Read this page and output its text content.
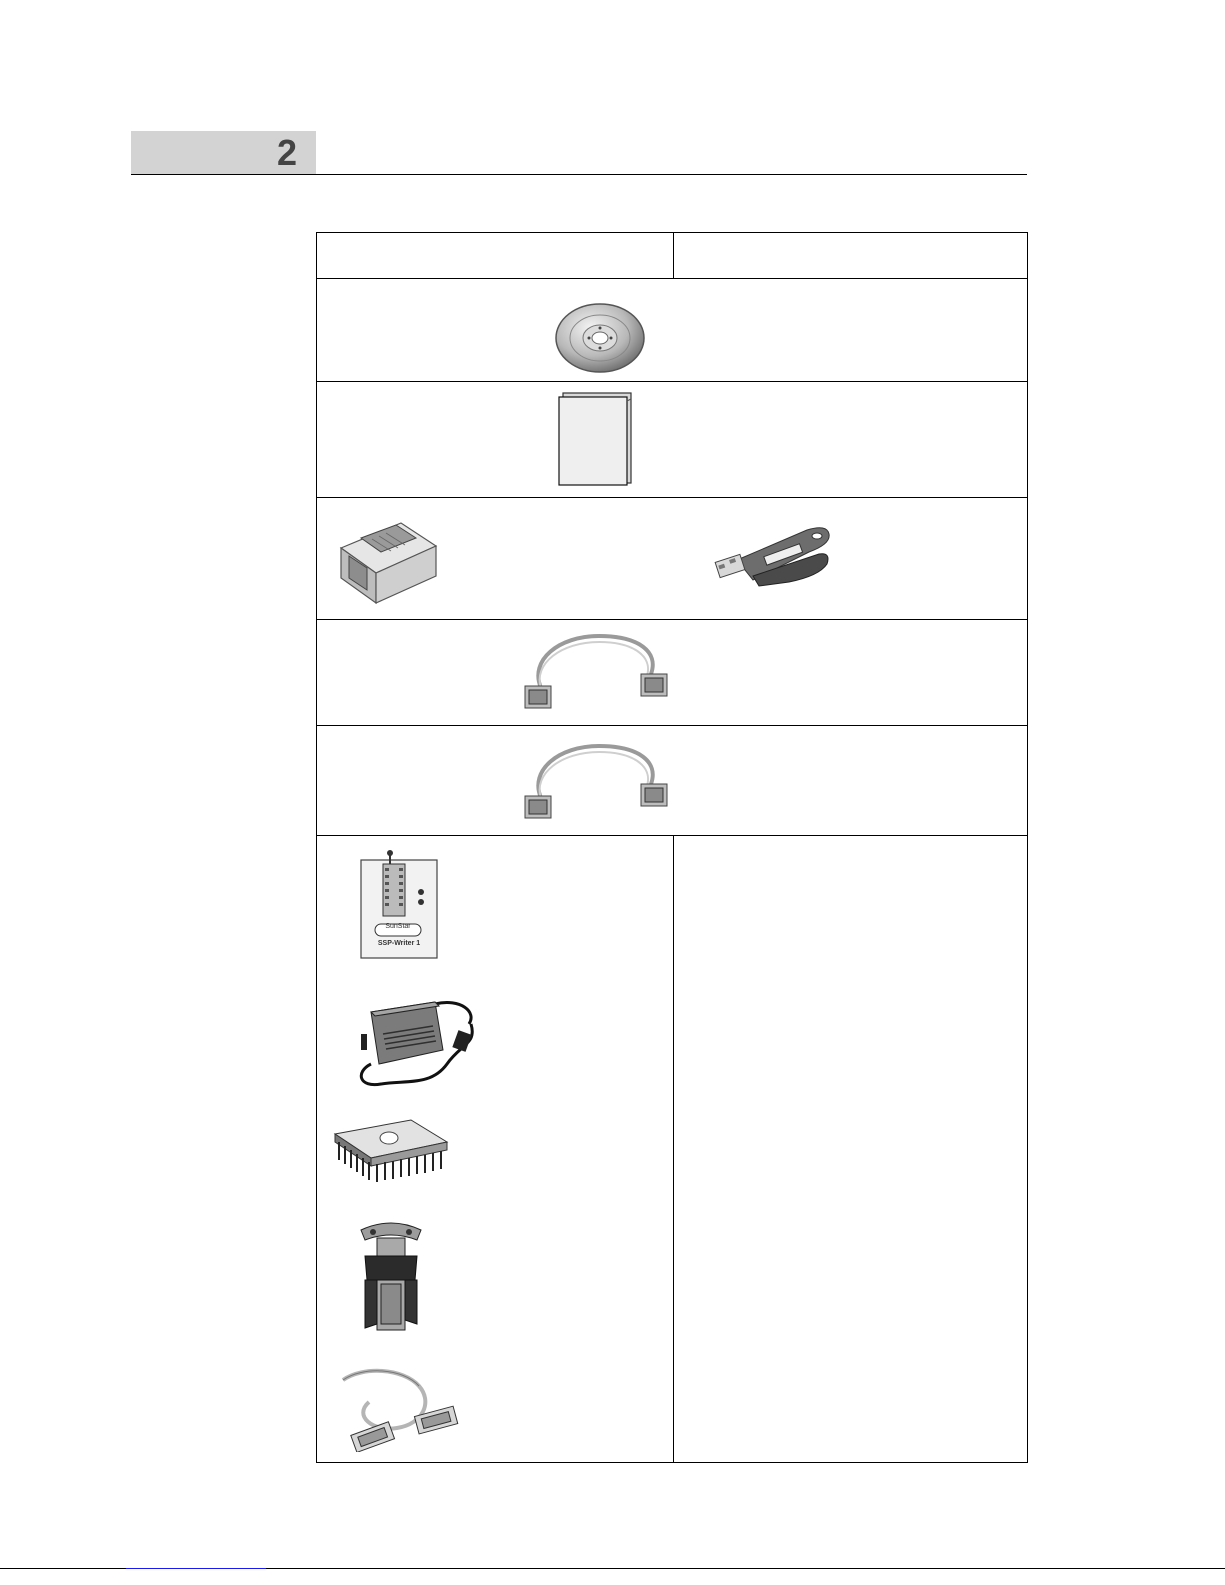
2
SunStar
SSP-Writer 1
